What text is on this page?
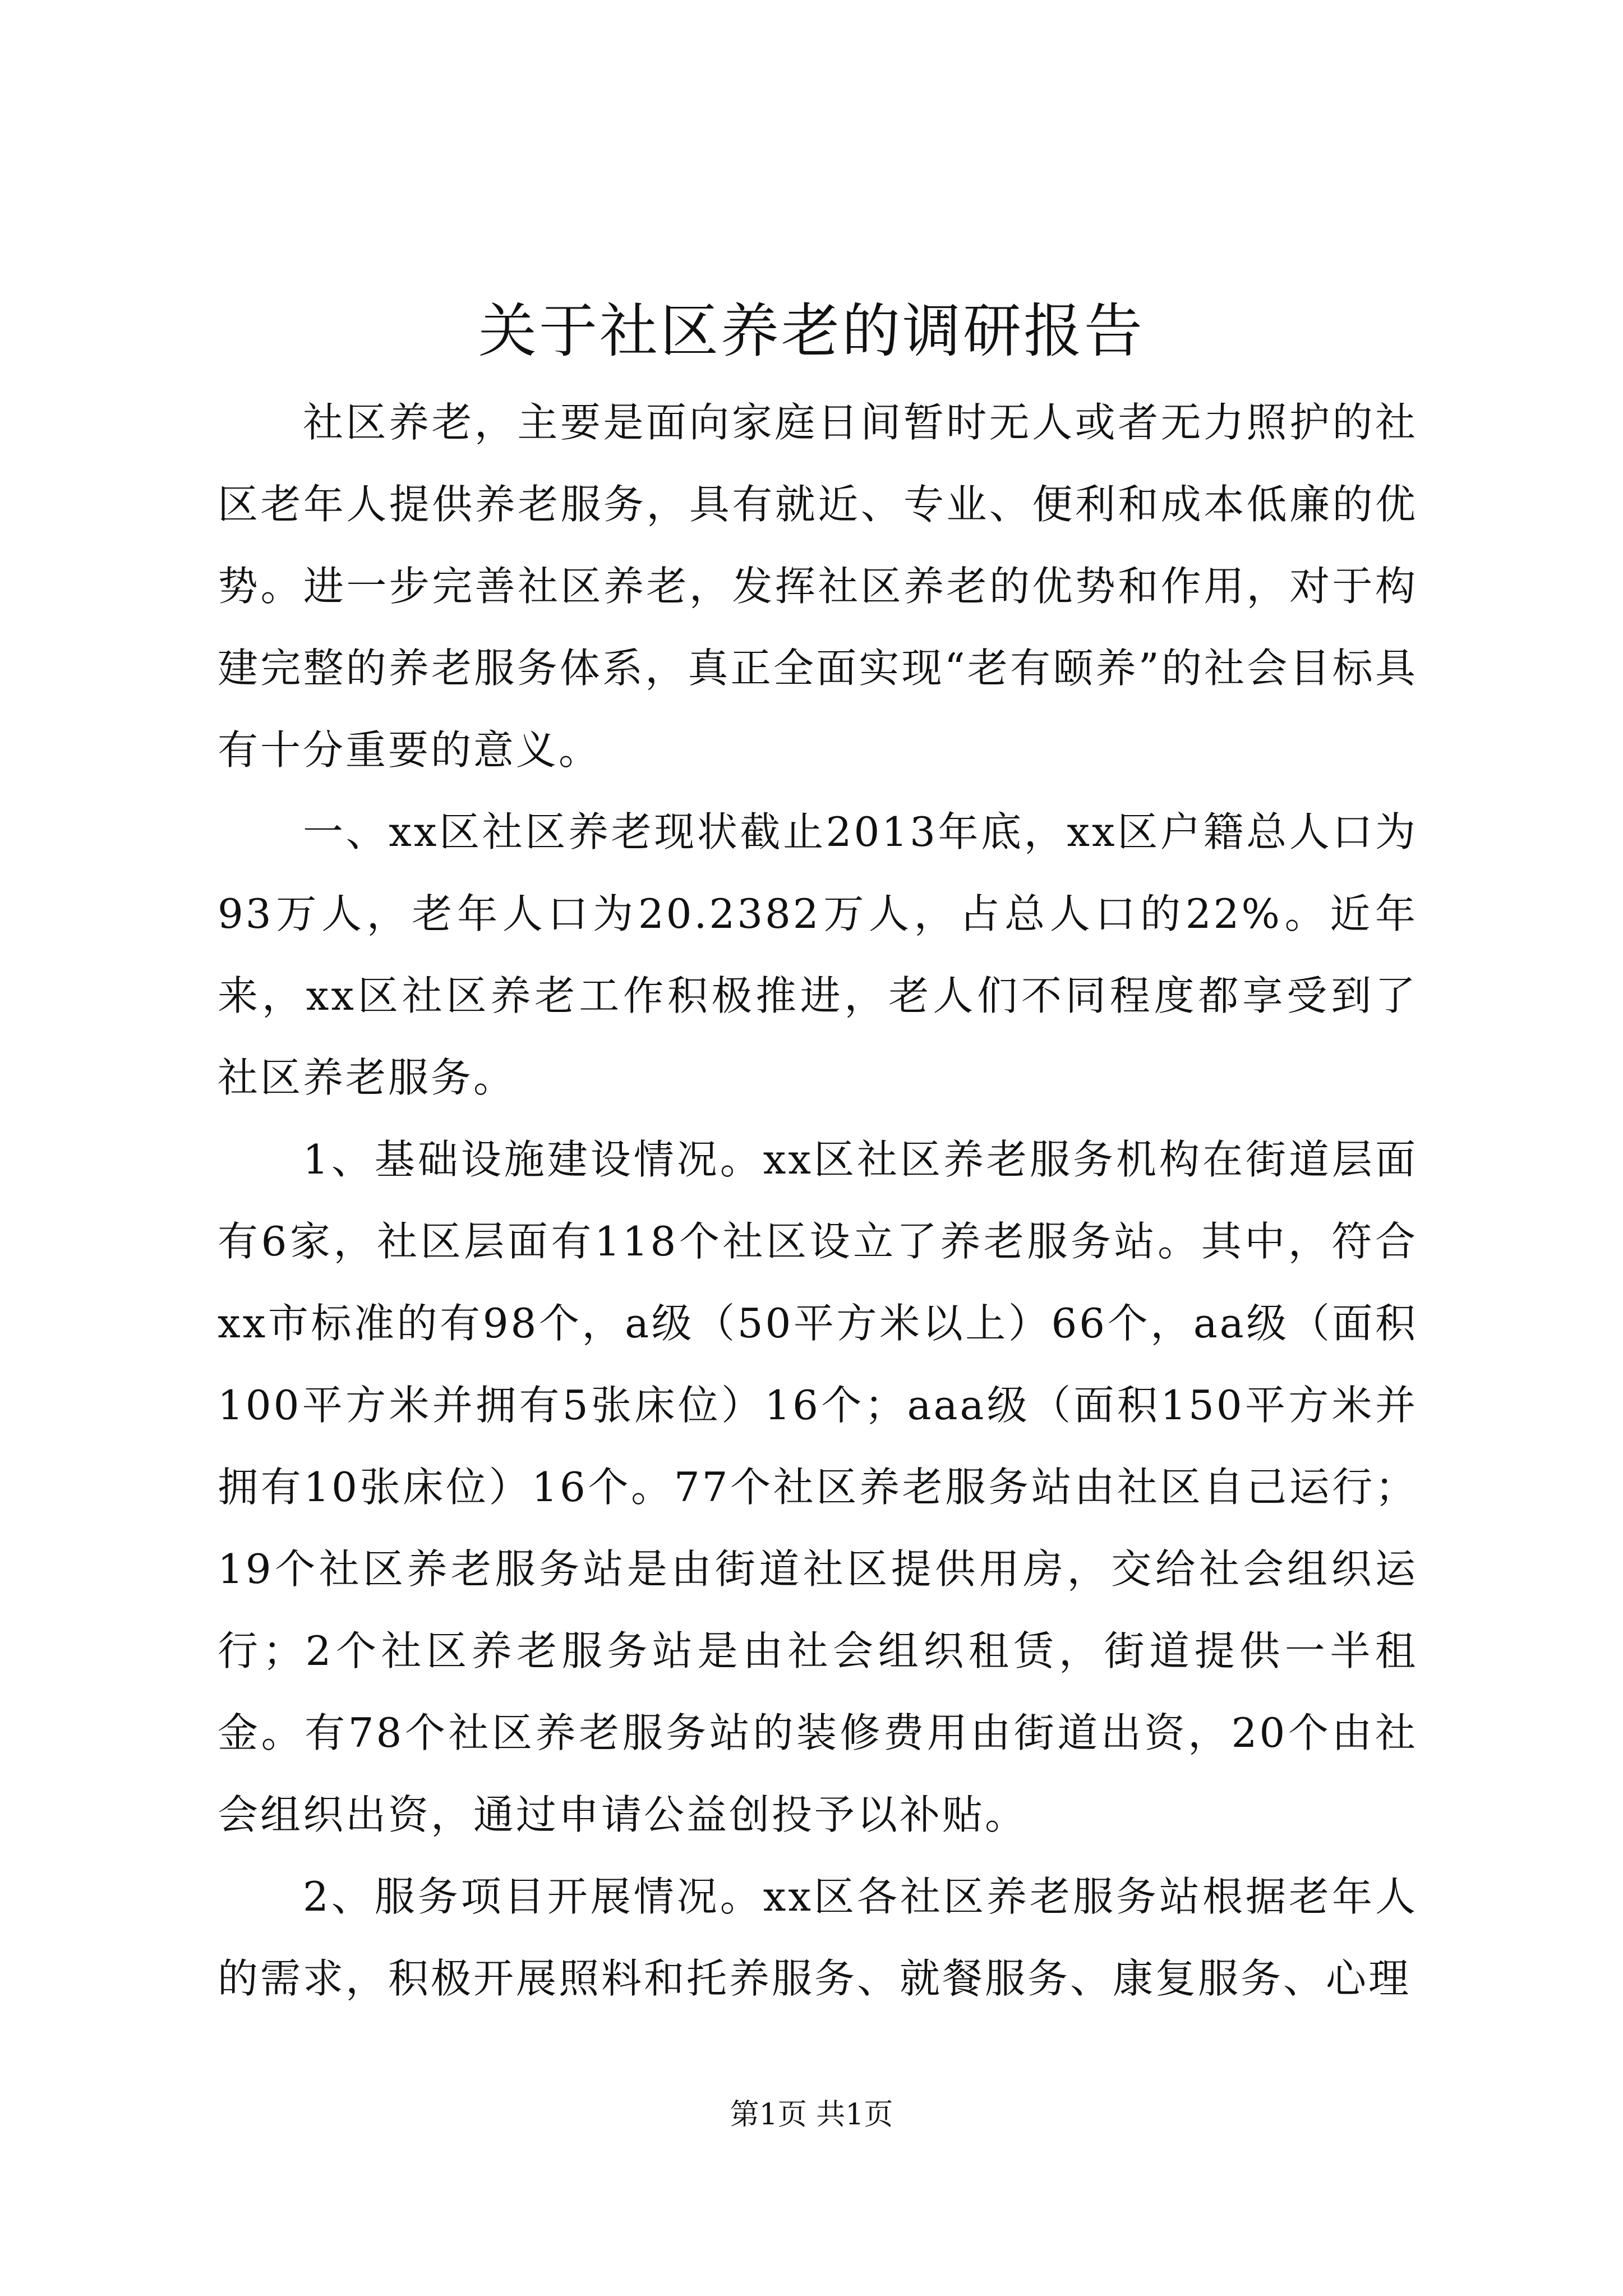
关于社区养老的调研报告

社区养老，主要是面向家庭日间暂时无人或者无力照护的社区老年人提供养老服务，具有就近、专业、便利和成本低廉的优势。进一步完善社区养老，发挥社区养老的优势和作用，对于构建完整的养老服务体系，真正全面实现“老有颐养”的社会目标具有十分重要的意义。

一、xx区社区养老现状截止2013年底，xx区户籍总人口为93万人，老年人口为20.2382万人，占总人口的22%。近年来，xx区社区养老工作积极推进，老人们不同程度都享受到了社区养老服务。

1、基础设施建设情况。xx区社区养老服务机构在街道层面有6家，社区层面有118个社区设立了养老服务站。其中，符合xx市标准的有98个，a级（50平方米以上）66个，aa级（面积100平方米并拥有5张床位）16个；aaa级（面积150平方米并拥有10张床位）16个。77个社区养老服务站由社区自己运行；19个社区养老服务站是由街道社区提供用房，交给社会组织运行；2个社区养老服务站是由社会组织租赁，街道提供一半租金。有78个社区养老服务站的装修费用由街道出资，20个由社会组织出资，通过申请公益创投予以补贴。

2、服务项目开展情况。xx区各社区养老服务站根据老年人的需求，积极开展照料和托养服务、就餐服务、康复服务、心理

第1页 共1页
